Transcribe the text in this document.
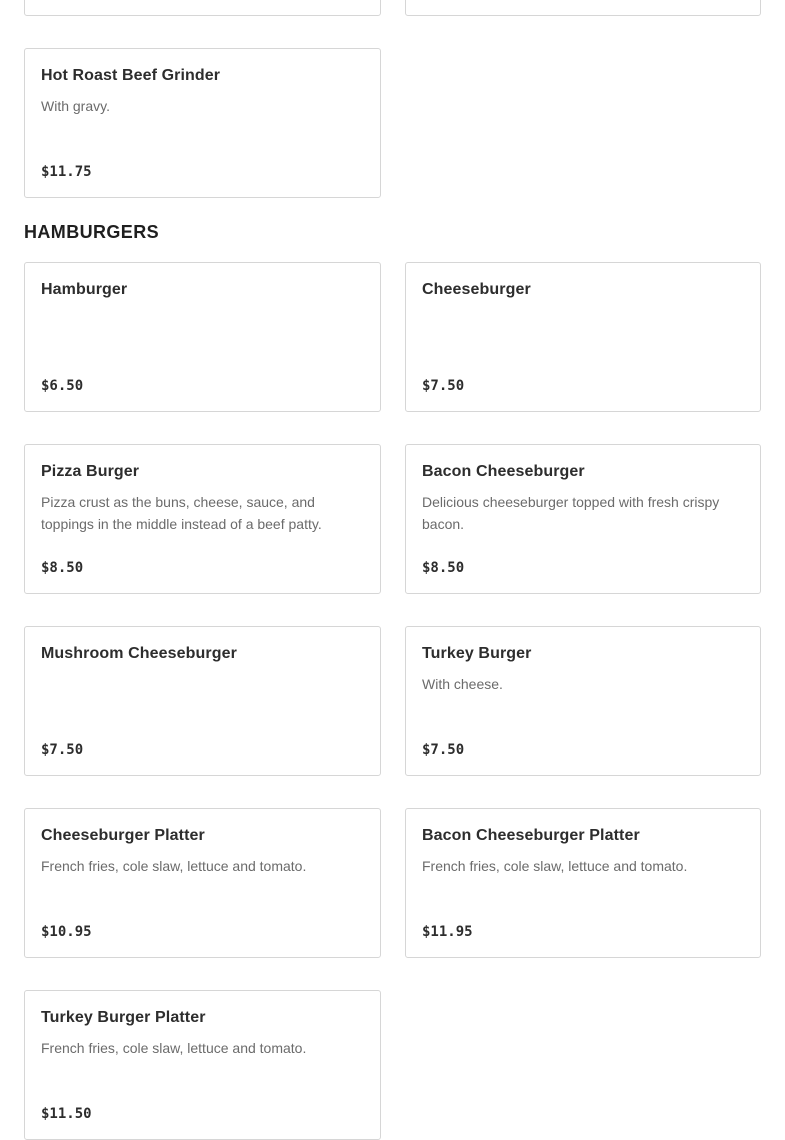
Hot Roast Beef Grinder
With gravy.
$11.75
HAMBURGERS
Hamburger
$6.50
Cheeseburger
$7.50
Pizza Burger
Pizza crust as the buns, cheese, sauce, and toppings in the middle instead of a beef patty.
$8.50
Bacon Cheeseburger
Delicious cheeseburger topped with fresh crispy bacon.
$8.50
Mushroom Cheeseburger
$7.50
Turkey Burger
With cheese.
$7.50
Cheeseburger Platter
French fries, cole slaw, lettuce and tomato.
$10.95
Bacon Cheeseburger Platter
French fries, cole slaw, lettuce and tomato.
$11.95
Turkey Burger Platter
French fries, cole slaw, lettuce and tomato.
$11.50
